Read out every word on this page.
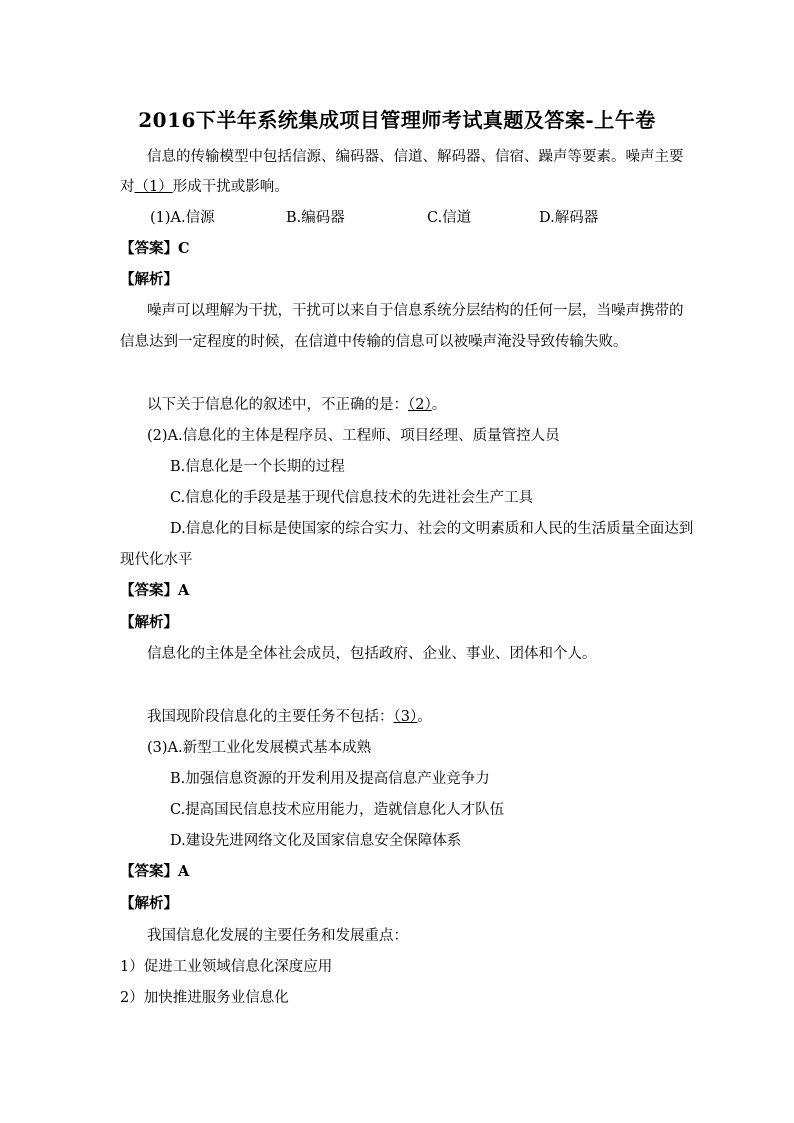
2016下半年系统集成项目管理师考试真题及答案-上午卷
信息的传输模型中包括信源、编码器、信道、解码器、信宿、躁声等要素。噪声主要
对（1）形成干扰或影响。
(1)A.信源	B.编码器	C.信道	D.解码器
【答案】C
【解析】
噪声可以理解为干扰，干扰可以来自于信息系统分层结构的任何一层，当噪声携带的
信息达到一定程度的时候，在信道中传输的信息可以被噪声淹没导致传输失败。
以下关于信息化的叙述中，不正确的是：（2）。
(2)A.信息化的主体是程序员、工程师、项目经理、质量管控人员
B.信息化是一个长期的过程
C.信息化的手段是基于现代信息技术的先进社会生产工具
D.信息化的目标是使国家的综合实力、社会的文明素质和人民的生活质量全面达到
现代化水平
【答案】A
【解析】
信息化的主体是全体社会成员，包括政府、企业、事业、团体和个人。
我国现阶段信息化的主要任务不包括：（3）。
(3)A.新型工业化发展模式基本成熟
B.加强信息资源的开发利用及提高信息产业竞争力
C.提高国民信息技术应用能力，造就信息化人才队伍
D.建设先进网络文化及国家信息安全保障体系
【答案】A
【解析】
我国信息化发展的主要任务和发展重点：
1）促进工业领域信息化深度应用
2）加快推进服务业信息化
